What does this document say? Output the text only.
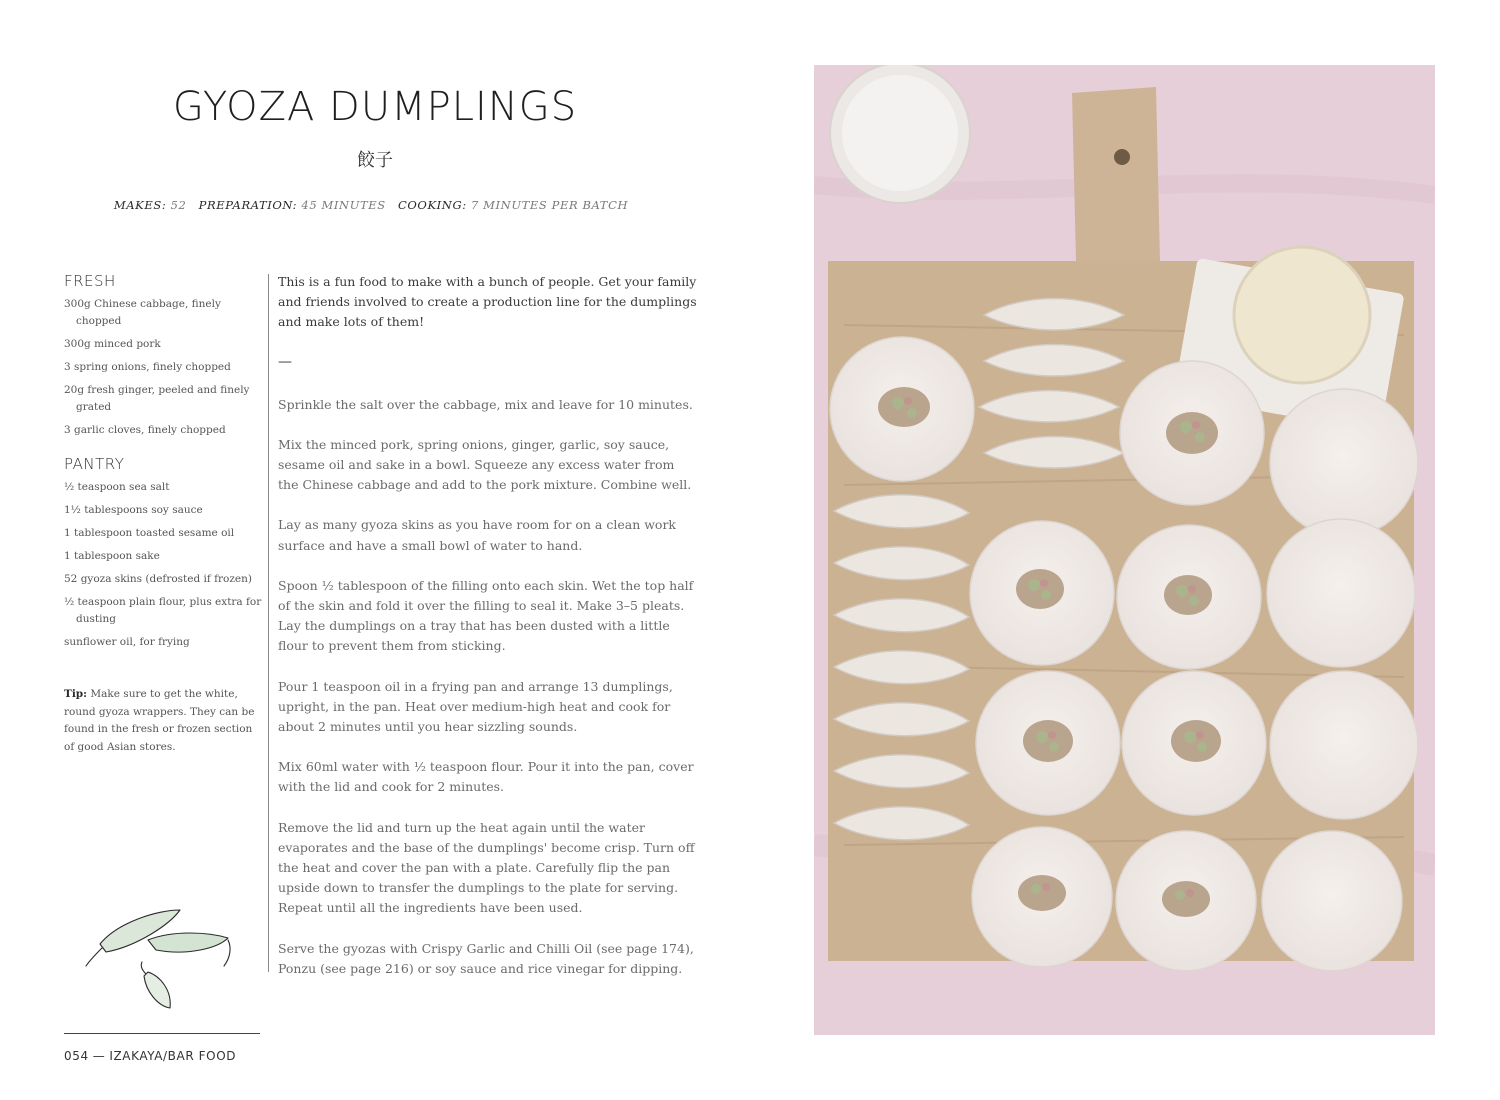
GYOZA DUMPLINGS
餃子
MAKES: 52 PREPARATION: 45 MINUTES COOKING: 7 MINUTES PER BATCH
FRESH
300g Chinese cabbage, finely chopped
300g minced pork
3 spring onions, finely chopped
20g fresh ginger, peeled and finely grated
3 garlic cloves, finely chopped
PANTRY
½ teaspoon sea salt
1½ tablespoons soy sauce
1 tablespoon toasted sesame oil
1 tablespoon sake
52 gyoza skins (defrosted if frozen)
½ teaspoon plain flour, plus extra for dusting
sunflower oil, for frying
Tip: Make sure to get the white, round gyoza wrappers. They can be found in the fresh or frozen section of good Asian stores.

This is a fun food to make with a bunch of people. Get your family and friends involved to create a production line for the dumplings and make lots of them!

—

Sprinkle the salt over the cabbage, mix and leave for 10 minutes.

Mix the minced pork, spring onions, ginger, garlic, soy sauce, sesame oil and sake in a bowl. Squeeze any excess water from the Chinese cabbage and add to the pork mixture. Combine well.

Lay as many gyoza skins as you have room for on a clean work surface and have a small bowl of water to hand.

Spoon ½ tablespoon of the filling onto each skin. Wet the top half of the skin and fold it over the filling to seal it. Make 3–5 pleats. Lay the dumplings on a tray that has been dusted with a little flour to prevent them from sticking.

Pour 1 teaspoon oil in a frying pan and arrange 13 dumplings, upright, in the pan. Heat over medium-high heat and cook for about 2 minutes until you hear sizzling sounds.

Mix 60ml water with ½ teaspoon flour. Pour it into the pan, cover with the lid and cook for 2 minutes.

Remove the lid and turn up the heat again until the water evaporates and the base of the dumplings' become crisp. Turn off the heat and cover the pan with a plate. Carefully flip the pan upside down to transfer the dumplings to the plate for serving. Repeat until all the ingredients have been used.

Serve the gyozas with Crispy Garlic and Chilli Oil (see page 174), Ponzu (see page 216) or soy sauce and rice vinegar for dipping.

054 — IZAKAYA/BAR FOOD
